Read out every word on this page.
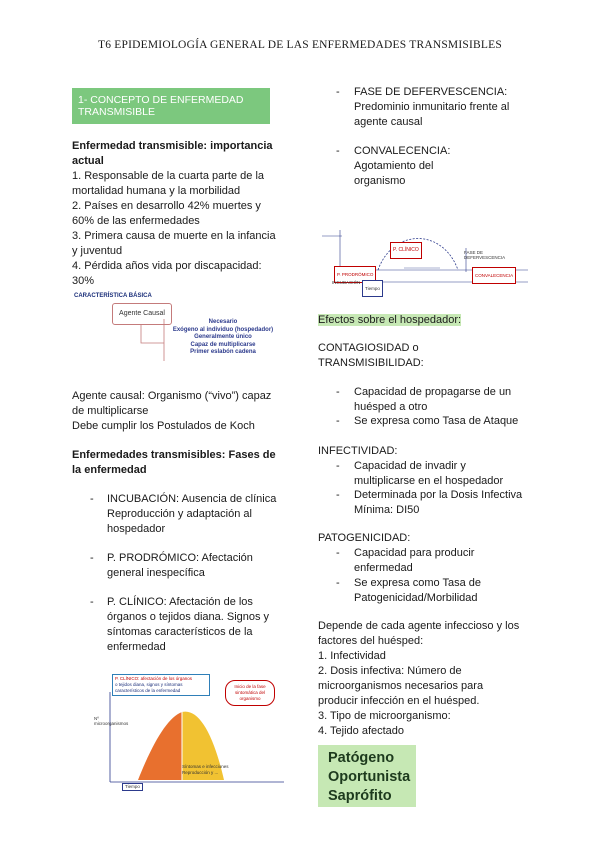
T6 EPIDEMIOLOGÍA GENERAL DE LAS ENFERMEDADES TRANSMISIBLES
1- CONCEPTO DE ENFERMEDAD
TRANSMISIBLE
Enfermedad transmisible: importancia
actual
1. Responsable de la cuarta parte de la
mortalidad humana y la morbilidad
2. Países en desarrollo 42% muertes y
60% de las enfermedades
3. Primera causa de muerte en la infancia
y juventud
4. Pérdida años vida por discapacidad:
30%
CARACTERÍSTICA BÁSICA
Agente Causal
Necesario
Exógeno al individuo (hospedador)
Generalmente único
Capaz de multiplicarse
Primer eslabón cadena
Agente causal: Organismo (“vivo”) capaz
de multiplicarse
Debe cumplir los Postulados de Koch
Enfermedades transmisibles: Fases de
la enfermedad
- INCUBACIÓN: Ausencia de clínica
Reproducción y adaptación al
hospedador
- P. PRODRÓMICO: Afectación
general inespecífica
- P. CLÍNICO: Afectación de los
órganos o tejidos diana. Signos y
síntomas característicos de la
enfermedad
P. CLÍNICO: afectación de los órganos
o tejidos diana, signos y síntomas
característicos de la enfermedad
Inicio de la fase
sintomática del
organismo
Nº
microorganismos
Síntomas e infecciones
Reproducción y ...
Tiempo
- FASE DE DEFERVESCENCIA:
Predominio inmunitario frente al
agente causal
- CONVALECENCIA:
Agotamiento del
organismo
P. CLÍNICO
P. PRODRÓMICO
INCUBACIÓN
FASE DE
DEFERVESCENCIA
CONVALECENCIA
Tiempo
Efectos sobre el hospedador:
CONTAGIOSIDAD o
TRANSMISIBILIDAD:
- Capacidad de propagarse de un
huésped a otro
- Se expresa como Tasa de Ataque
INFECTIVIDAD:
- Capacidad de invadir y
multiplicarse en el hospedador
- Determinada por la Dosis Infectiva
Mínima: DI50
PATOGENICIDAD:
- Capacidad para producir
enfermedad
- Se expresa como Tasa de
Patogenicidad/Morbilidad
Depende de cada agente infeccioso y los
factores del huésped:
1. Infectividad
2. Dosis infectiva: Número de
microorganismos necesarios para
producir infección en el huésped.
3. Tipo de microorganismo:
4. Tejido afectado
Patógeno
Oportunista
Saprófito
